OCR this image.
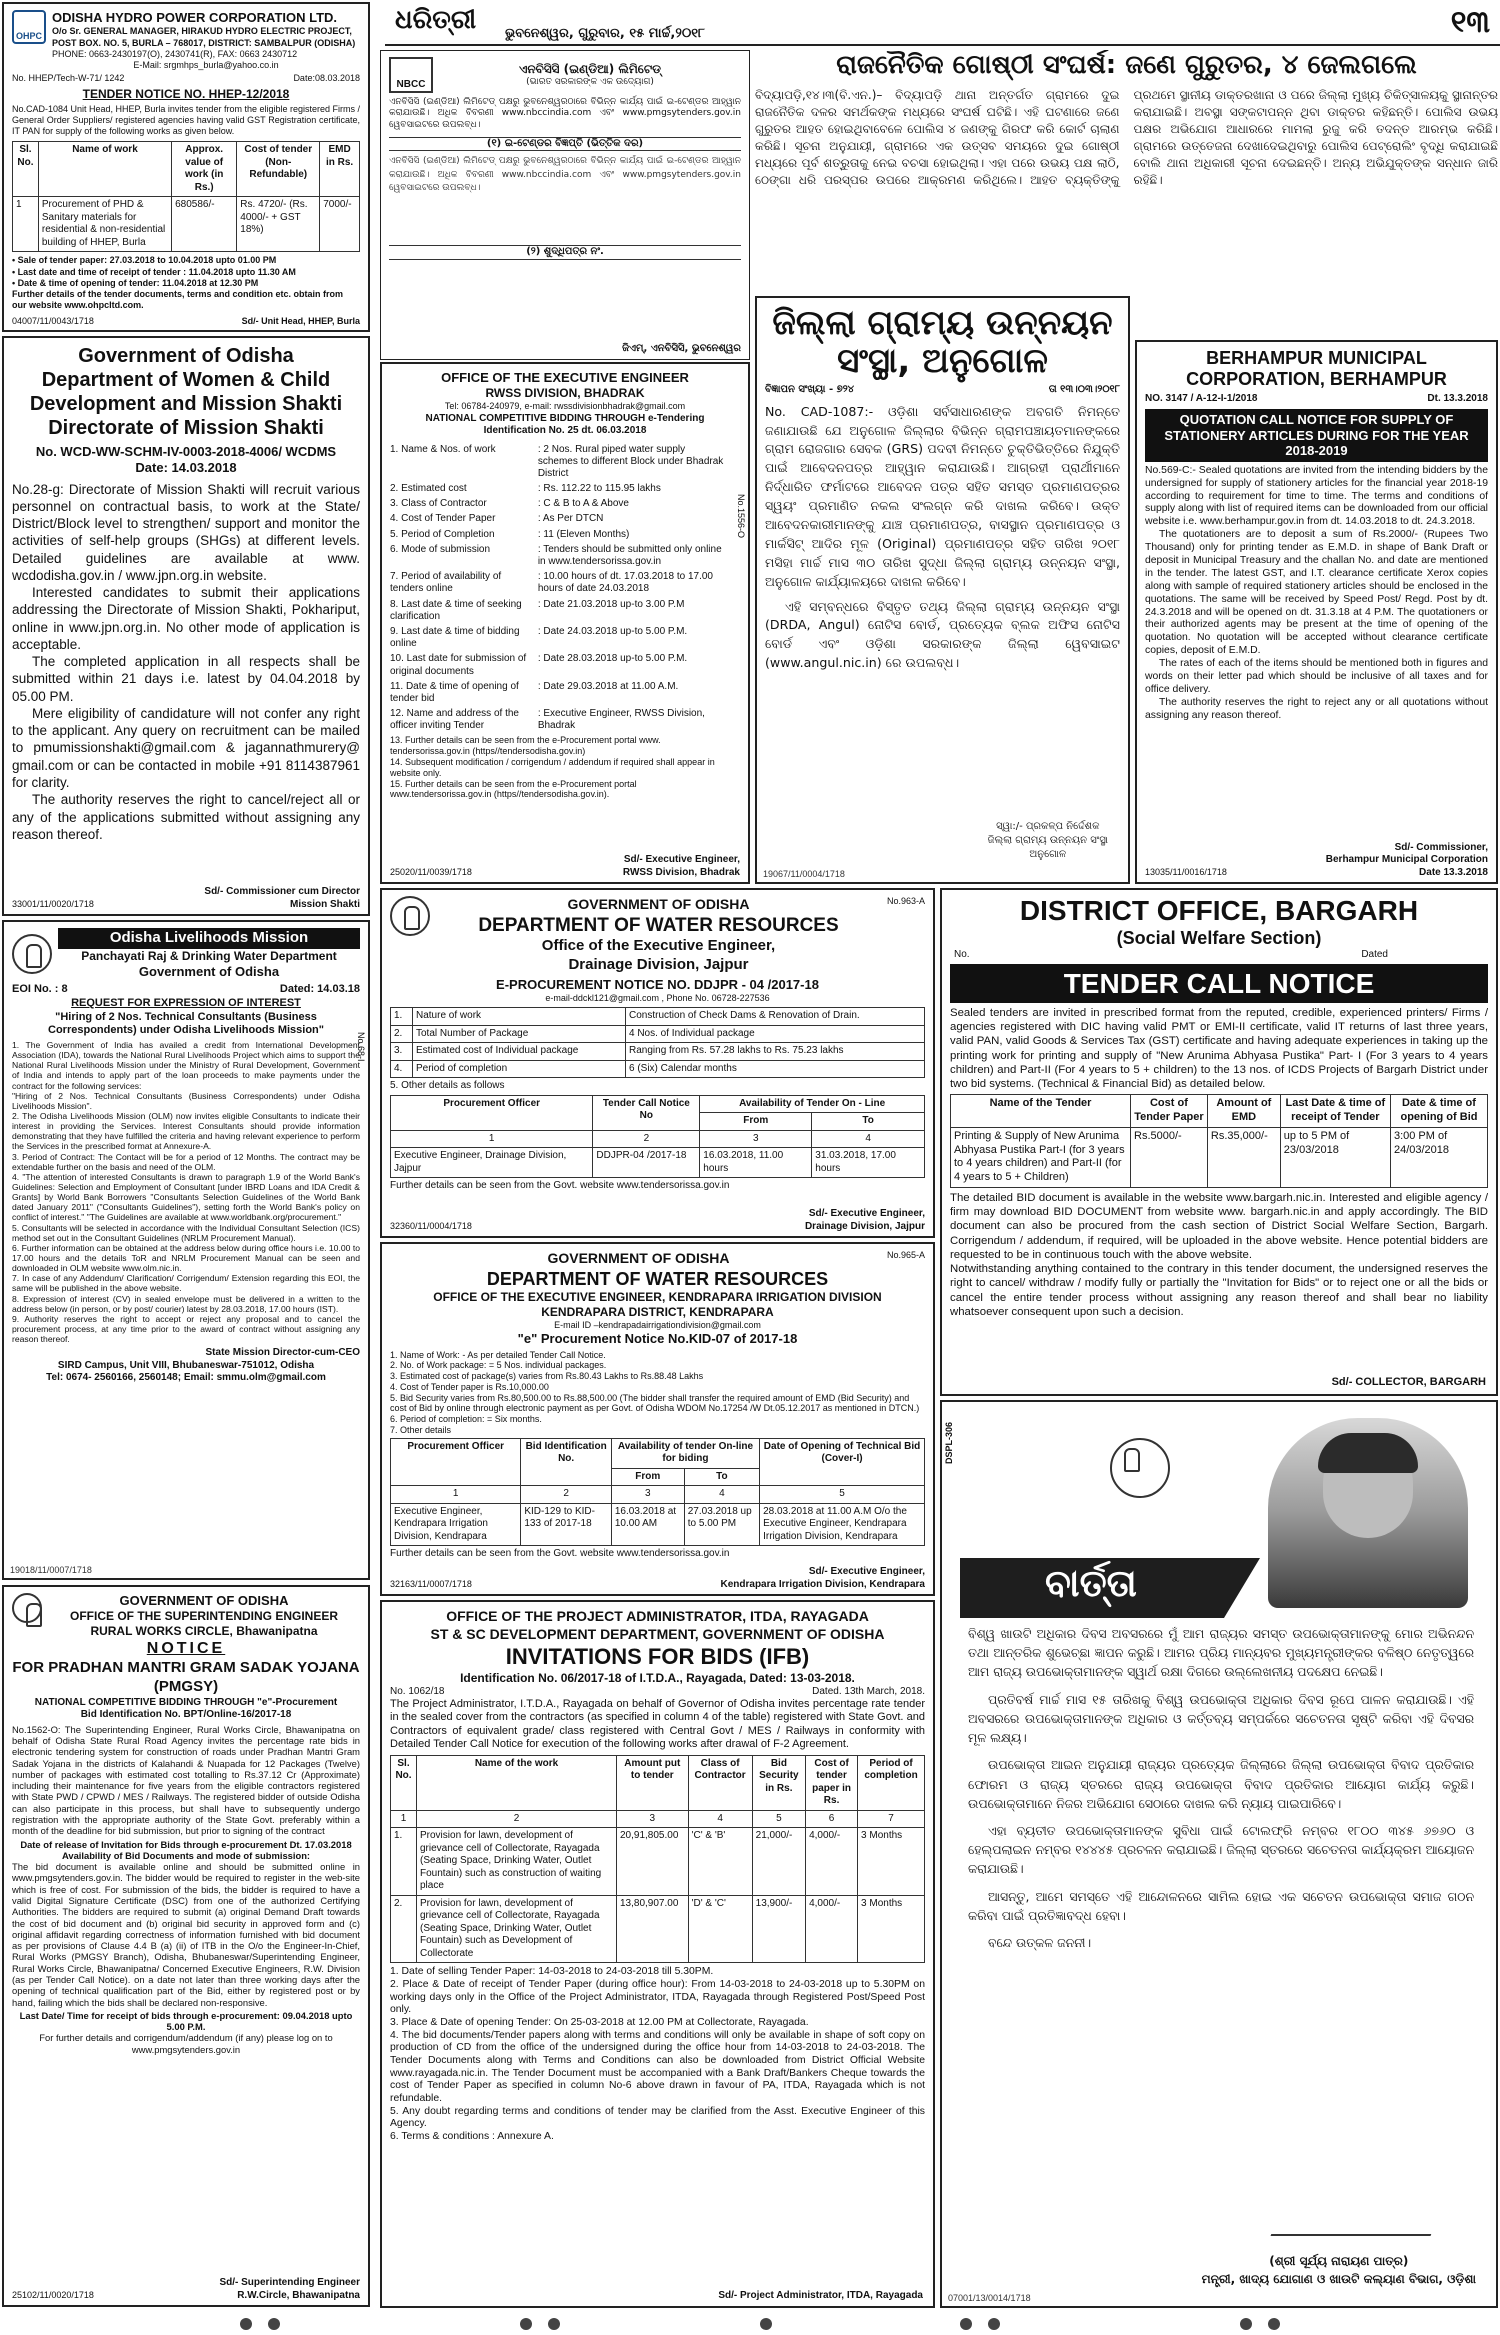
ଧରିତ୍ରୀ ଭୁବନେଶ୍ୱର, ଗୁରୁବାର, ୧୫ ମାର୍ଚ୍ଚ,୨୦୧୮	୧୩
OHPC
ODISHA HYDRO POWER CORPORATION LTD.
O/o Sr. GENERAL MANAGER, HIRAKUD HYDRO ELECTRIC PROJECT, POST BOX. NO. 5, BURLA – 768017, DISTRICT: SAMBALPUR (ODISHA)
PHONE: 0663-2430197(O), 2430741(R), FAX: 0663 2430712
E-Mail: srgmhps_burla@yahoo.co.in
No. HHEP/Tech-W-71/ 1242	Date:08.03.2018
TENDER NOTICE NO. HHEP-12/2018
No.CAD-1084 Unit Head, HHEP, Burla invites tender from the eligible registered Firms / General Order Suppliers/ registered agencies having valid GST Registration certificate, IT PAN for supply of the following works as given below.
Sl. No.	Name of work	Approx. value of work (in Rs.)	Cost of tender (Non-Refundable)	EMD in Rs.
1	Procurement of PHD & Sanitary materials for residential & non-residential building of HHEP, Burla	680586/-	Rs. 4720/- (Rs. 4000/- + GST 18%)	7000/-
• Sale of tender paper: 27.03.2018 to 10.04.2018 upto 01.00 PM
• Last date and time of receipt of tender : 11.04.2018 upto 11.30 AM
• Date & time of opening of tender: 11.04.2018 at 12.30 PM
Further details of the tender documents, terms and condition etc. obtain from our website www.ohpcltd.com.
04007/11/0043/1718	Sd/- Unit Head, HHEP, Burla
Government of Odisha
Department of Women & Child
Development and Mission Shakti
Directorate of Mission Shakti
No. WCD-WW-SCHM-IV-0003-2018-4006/ WCDMS
Date: 14.03.2018

No.28-g: Directorate of Mission Shakti will recruit various personnel on contractual basis, to work at the State/ District/Block level to strengthen/ support and monitor the activities of self-help groups (SHGs) at different levels. Detailed guidelines are available at www. wcdodisha.gov.in / www.jpn.org.in website.

Interested candidates to submit their applications addressing the Directorate of Mission Shakti, Pokhariput, online in www.jpn.org.in. No other mode of application is acceptable.

The completed application in all respects shall be submitted within 21 days i.e. latest by 04.04.2018 by 05.00 PM.

Mere eligibility of candidature will not confer any right to the applicant. Any query on recruitment can be mailed to pmumissionshakti@gmail.com & jagannathmurery@ gmail.com or can be contacted in mobile +91 8114387961 for clarity.

The authority reserves the right to cancel/reject all or any of the applications submitted without assigning any reason thereof.

Sd/- Commissioner cum Director
33001/11/0020/1718	Mission Shakti
Odisha Livelihoods Mission
Panchayati Raj & Drinking Water Department
Government of Odisha
EOI No. : 8	Dated: 14.03.18
REQUEST FOR EXPRESSION OF INTEREST
"Hiring of 2 Nos. Technical Consultants (Business Correspondents) under Odisha Livelihoods Mission"
1. The Government of India has availed a credit from International Development Association (IDA), towards the National Rural Livelihoods Project which aims to support the National Rural Livelihoods Mission under the Ministry of Rural Development, Government of India and intends to apply part of the loan proceeds to make payments under the contract for the following services:
"Hiring of 2 Nos. Technical Consultants (Business Correspondents) under Odisha Livelihoods Mission".
2. The Odisha Livelihoods Mission (OLM) now invites eligible Consultants to indicate their interest in providing the Services. Interest Consultants should provide information demonstrating that they have fulfilled the criteria and having relevant experience to perform the Services in the prescribed format at Annexure-A.
3. Period of Contract: The Contact will be for a period of 12 Months. The contract may be extendable further on the basis and need of the OLM.
4. "The attention of interested Consultants is drawn to paragraph 1.9 of the World Bank's Guidelines: Selection and Employment of Consultant [under IBRD Loans and IDA Credit & Grants] by World Bank Borrowers "Consultants Selection Guidelines of the World Bank dated January 2011" ("Consultants Guidelines"), setting forth the World Bank's policy on conflict of interest." "The Guidelines are available at www.worldbank.org/procurement."
5. Consultants will be selected in accordance with the Individual Consultant Selection (ICS) method set out in the Consultant Guidelines (NRLM Procurement Manual).
6. Further information can be obtained at the address below during office hours i.e. 10.00 to 17.00 hours and the details ToR and NRLM Procurement Manual can be seen and downloaded in OLM website www.olm.nic.in.
7. In case of any Addendum/ Clarification/ Corrigendum/ Extension regarding this EOI, the same will be published in the above website.
8. Expression of interest (CV) in sealed envelope must be delivered in a written to the address below (in person, or by post/ courier) latest by 28.03.2018, 17.00 hours (IST).
9. Authority reserves the right to accept or reject any proposal and to cancel the procurement process, at any time prior to the award of contract without assigning any reason thereof.
State Mission Director-cum-CEO
SIRD Campus, Unit VIII, Bhubaneswar-751012, Odisha
Tel: 0674- 2560166, 2560148; Email: smmu.olm@gmail.com
19018/11/0007/1718
No.68-I
GOVERNMENT OF ODISHA
OFFICE OF THE SUPERINTENDING ENGINEER
RURAL WORKS CIRCLE, Bhawanipatna
NOTICE
FOR PRADHAN MANTRI GRAM SADAK YOJANA (PMGSY)
NATIONAL COMPETITIVE BIDDING THROUGH "e"-Procurement
Bid Identification No. BPT/Online-16/2017-18

No.1562-O: The Superintending Engineer, Rural Works Circle, Bhawanipatna on behalf of Odisha State Rural Road Agency invites the percentage rate bids in electronic tendering system for construction of roads under Pradhan Mantri Gram Sadak Yojana in the districts of Kalahandi & Nuapada for 12 Packages (Twelve) number of packages with estimated cost totalling to Rs.37.12 Cr (Approximate) including their maintenance for five years from the eligible contractors registered with State PWD / CPWD / MES / Railways. The registered bidder of outside Odisha can also participate in this process, but shall have to subsequently undergo registration with the appropriate authority of the State Govt. preferably within a month of the deadline for bid submission, but prior to signing of the contract

Date of release of Invitation for Bids through e-procurement Dt. 17.03.2018

Availability of Bid Documents and mode of submission:

The bid document is available online and should be submitted online in www.pmgsytenders.gov.in. The bidder would be required to register in the web-site which is free of cost. For submission of the bids, the bidder is required to have a valid Digital Signature Certificate (DSC) from one of the authorized Certifying Authorities. The bidders are required to submit (a) original Demand Draft towards the cost of bid document and (b) original bid security in approved form and (c) original affidavit regarding correctness of information furnished with bid document as per provisions of Clause 4.4 B (a) (ii) of ITB in the O/o the Engineer-In-Chief, Rural Works (PMGSY Branch), Odisha, Bhubaneswar/Superintending Engineer, Rural Works Circle, Bhawanipatna/ Concerned Executive Engineers, R.W. Division (as per Tender Call Notice). on a date not later than three working days after the opening of technical qualification part of the Bid, either by registered post or by hand, failing which the bids shall be declared non-responsive.

Last Date/ Time for receipt of bids through e-procurement: 09.04.2018 upto 5.00 P.M.

For further details and corrigendum/addendum (if any) please log on to www.pmgsytenders.gov.in

Sd/- Superintending Engineer
25102/11/0020/1718	R.W.Circle, Bhawanipatna
NBCC
ଏନବିସିସି (ଇଣ୍ଡିଆ) ଲିମିଟେଡ୍
(ଭାରତ ସରକାରଙ୍କ ଏକ ଉଦ୍ୟୋଗ)
ଏନବିସିସି (ଇଣ୍ଡିଆ) ଲିମିଟେଡ୍ ପକ୍ଷରୁ ଭୁବନେଶ୍ୱରଠାରେ ବିଭିନ୍ନ କାର୍ଯ୍ୟ ପାଇଁ ଇ-ଟେଣ୍ଡର ଆହ୍ୱାନ କରାଯାଉଛି। ଅଧିକ ବିବରଣୀ www.nbccindia.com ଏବଂ www.pmgsytenders.gov.in ୱେବସାଇଟରେ ଉପଲବ୍ଧ।
(୧) ଇ-ଟେଣ୍ଡର ବିଜ୍ଞପ୍ତି (ଭିତ୍ତିକ ଦର)
ଏନବିସିସି (ଇଣ୍ଡିଆ) ଲିମିଟେଡ୍ ପକ୍ଷରୁ ଭୁବନେଶ୍ୱରଠାରେ ବିଭିନ୍ନ କାର୍ଯ୍ୟ ପାଇଁ ଇ-ଟେଣ୍ଡର ଆହ୍ୱାନ କରାଯାଉଛି। ଅଧିକ ବିବରଣୀ www.nbccindia.com ଏବଂ www.pmgsytenders.gov.in ୱେବସାଇଟରେ ଉପଲବ୍ଧ।
(୨) ଶୁଦ୍ଧିପତ୍ର ନଂ.
ଜିଏମ୍, ଏନବିସିସି, ଭୁବନେଶ୍ୱର
OFFICE OF THE EXECUTIVE ENGINEER
RWSS DIVISION, BHADRAK
Tel: 06784-240979, e-mail: rwssdivisionbhadrak@gmail.com
NATIONAL COMPETITIVE BIDDING THROUGH e-Tendering
Identification No. 25 dt. 06.03.2018
1. Name & Nos. of work	: 2 Nos. Rural piped water supply schemes to different Block under Bhadrak District
2. Estimated cost	: Rs. 112.22 to 115.95 lakhs
3. Class of Contractor	: C & B to A & Above
4. Cost of Tender Paper	: As Per DTCN
5. Period of Completion	: 11 (Eleven Months)
6. Mode of submission	: Tenders should be submitted only online in www.tendersorissa.gov.in
7. Period of availability of tenders online
: 10.00 hours of dt. 17.03.2018 to 17.00 hours of date 24.03.2018
8. Last date & time of seeking clarification
: Date 21.03.2018 up-to 3.00 P.M
9. Last date & time of bidding online
: Date 24.03.2018 up-to 5.00 P.M.
10. Last date for submission of original documents
: Date 28.03.2018 up-to 5.00 P.M.
11. Date & time of opening of tender bid
: Date 29.03.2018 at 11.00 A.M.
12. Name and address of the officer inviting Tender
: Executive Engineer, RWSS Division, Bhadrak
13. Further details can be seen from the e-Procurement portal www. tendersorissa.gov.in (https//tendersodisha.gov.in)
14. Subsequent modification / corrigendum / addendum if required shall appear in website only.
15. Further details can be seen from the e-Procurement portal www.tendersorissa.gov.in (https//tendersodisha.gov.in).
No.1556-O
Sd/- Executive Engineer,
25020/11/0039/1718	RWSS Division, Bhadrak
ରାଜନୈତିକ ଗୋଷ୍ଠୀ ସଂଘର୍ଷ: ଜଣେ ଗୁରୁତର, ୪ ଜେଲଗଲେ
ବିଦ୍ୟାପଡ଼ି,୧୪।୩(ବି.ଏନ.)– ବିଦ୍ୟାପଡ଼ି ଥାନା ଅନ୍ତର୍ଗତ ଗ୍ରାମରେ ଦୁଇ ରାଜନୈତିକ ଦଳର ସମର୍ଥକଙ୍କ ମଧ୍ୟରେ ସଂଘର୍ଷ ଘଟିଛି। ଏହି ଘଟଣାରେ ଜଣେ ଗୁରୁତର ଆହତ ହୋଇଥିବାବେଳେ ପୋଲିସ ୪ ଜଣଙ୍କୁ ଗିରଫ କରି କୋର୍ଟ ଚାଲାଣ କରିଛି। ସୂଚନା ଅନୁଯାୟୀ, ଗ୍ରାମରେ ଏକ ଉତ୍ସବ ସମୟରେ ଦୁଇ ଗୋଷ୍ଠୀ ମଧ୍ୟରେ ପୂର୍ବ ଶତ୍ରୁତାକୁ ନେଇ ବଚସା ହୋଇଥିଲା। ଏହା ପରେ ଉଭୟ ପକ୍ଷ ଲାଠି, ଠେଙ୍ଗା ଧରି ପରସ୍ପର ଉପରେ ଆକ୍ରମଣ କରିଥିଲେ। ଆହତ ବ୍ୟକ୍ତିଙ୍କୁ ପ୍ରଥମେ ସ୍ଥାନୀୟ ଡାକ୍ତରଖାନା ଓ ପରେ ଜିଲ୍ଲା ମୁଖ୍ୟ ଚିକିତ୍ସାଳୟକୁ ସ୍ଥାନାନ୍ତର କରାଯାଇଛି। ଅବସ୍ଥା ସଙ୍କଟାପନ୍ନ ଥିବା ଡାକ୍ତର କହିଛନ୍ତି। ପୋଲିସ ଉଭୟ ପକ୍ଷର ଅଭିଯୋଗ ଆଧାରରେ ମାମଲା ରୁଜୁ କରି ତଦନ୍ତ ଆରମ୍ଭ କରିଛି। ଗ୍ରାମରେ ଉତ୍ତେଜନା ଦେଖାଦେଇଥିବାରୁ ପୋଲିସ ପେଟ୍ରୋଲିଂ ବୃଦ୍ଧି କରାଯାଇଛି ବୋଲି ଥାନା ଅଧିକାରୀ ସୂଚନା ଦେଇଛନ୍ତି। ଅନ୍ୟ ଅଭିଯୁକ୍ତଙ୍କ ସନ୍ଧାନ ଜାରି ରହିଛି।
ଜିଲ୍ଲା ଗ୍ରାମ୍ୟ ଉନ୍ନୟନ
ସଂସ୍ଥା, ଅନୁଗୋଳ
ବିଜ୍ଞାପନ ସଂଖ୍ୟା - ୭୨୪	ତା ୧୩।୦୩।୨୦୧୮

No. CAD-1087:- ଓଡ଼ିଶା ସର୍ବସାଧାରଣଙ୍କ ଅବଗତି ନିମନ୍ତେ ଜଣାଯାଉଛି ଯେ ଅନୁଗୋଳ ଜିଲ୍ଲାର ବିଭିନ୍ନ ଗ୍ରାମପଞ୍ଚାୟତମାନଙ୍କରେ ଗ୍ରାମ ରୋଜଗାର ସେବକ (GRS) ପଦବୀ ନିମନ୍ତେ ଚୁକ୍ତିଭିତ୍ତିରେ ନିଯୁକ୍ତି ପାଇଁ ଆବେଦନପତ୍ର ଆହ୍ୱାନ କରାଯାଉଛି। ଆଗ୍ରହୀ ପ୍ରାର୍ଥୀମାନେ ନିର୍ଦ୍ଧାରିତ ଫର୍ମାଟରେ ଆବେଦନ ପତ୍ର ସହିତ ସମସ୍ତ ପ୍ରମାଣପତ୍ରର ସ୍ୱୟଂ ପ୍ରମାଣିତ ନକଲ ସଂଲଗ୍ନ କରି ଦାଖଲ କରିବେ। ଉକ୍ତ ଆବେଦନକାରୀମାନଙ୍କୁ ଯାଞ୍ଚ ପ୍ରମାଣପତ୍ର, ବାସସ୍ଥାନ ପ୍ରମାଣପତ୍ର ଓ ମାର୍କସିଟ୍ ଆଦିର ମୂଳ (Original) ପ୍ରମାଣପତ୍ର ସହିତ ତାରିଖ ୨୦୧୮ ମସିହା ମାର୍ଚ୍ଚ ମାସ ୩୦ ତାରିଖ ସୁଦ୍ଧା ଜିଲ୍ଲା ଗ୍ରାମ୍ୟ ଉନ୍ନୟନ ସଂସ୍ଥା, ଅନୁଗୋଳ କାର୍ଯ୍ୟାଳୟରେ ଦାଖଲ କରିବେ।

ଏହି ସମ୍ବନ୍ଧରେ ବିସ୍ତୃତ ତଥ୍ୟ ଜିଲ୍ଲା ଗ୍ରାମ୍ୟ ଉନ୍ନୟନ ସଂସ୍ଥା (DRDA, Angul) ନୋଟିସ ବୋର୍ଡ, ପ୍ରତ୍ୟେକ ବ୍ଲକ ଅଫିସ ନୋଟିସ ବୋର୍ଡ ଏବଂ ଓଡ଼ିଶା ସରକାରଙ୍କ ଜିଲ୍ଲା ୱେବସାଇଟ (www.angul.nic.in) ରେ ଉପଲବ୍ଧ।

ସ୍ୱା:/- ପ୍ରକଳ୍ପ ନିର୍ଦ୍ଦେଶକ
ଜିଲ୍ଲା ଗ୍ରାମ୍ୟ ଉନ୍ନୟନ ସଂସ୍ଥା
ଅନୁଗୋଳ
19067/11/0004/1718
BERHAMPUR MUNICIPAL CORPORATION, BERHAMPUR
NO. 3147 / A-12-I-1/2018	Dt. 13.3.2018
QUOTATION CALL NOTICE FOR SUPPLY OF STATIONERY ARTICLES DURING FOR THE YEAR 2018-2019

No.569-C:- Sealed quotations are invited from the intending bidders by the undersigned for supply of stationery articles for the financial year 2018-19 according to requirement for time to time. The terms and conditions of supply along with list of required items can be downloaded from our official website i.e. www.berhampur.gov.in from dt. 14.03.2018 to dt. 24.3.2018.

The quotationers are to deposit a sum of Rs.2000/- (Rupees Two Thousand) only for printing tender as E.M.D. in shape of Bank Draft or deposit in Municipal Treasury and the challan No. and date are mentioned in the tender. The latest GST, and I.T. clearance certificate Xerox copies along with sample of required stationery articles should be enclosed in the quotations. The same will be received by Speed Post/ Regd. Post by dt. 24.3.2018 and will be opened on dt. 31.3.18 at 4 P.M. The quotationers or their authorized agents may be present at the time of opening of the quotation. No quotation will be accepted without clearance certificate copies, deposit of E.M.D.

The rates of each of the items should be mentioned both in figures and words on their letter pad which should be inclusive of all taxes and for office delivery.

The authority reserves the right to reject any or all quotations without assigning any reason thereof.

Sd/- Commissioner,
Berhampur Municipal Corporation
13035/11/0016/1718	Date 13.3.2018
GOVERNMENT OF ODISHA
DEPARTMENT OF WATER RESOURCES
Office of the Executive Engineer,
Drainage Division, Jajpur
No.963-A
E-PROCUREMENT NOTICE NO. DDJPR - 04 /2017-18
e-mail-ddckl121@gmail.com , Phone No. 06728-227536
1.	Nature of work	Construction of Check Dams & Renovation of Drain.
2.	Total Number of Package	4 Nos. of Individual package
3.	Estimated cost of Individual package	Ranging from Rs. 57.28 lakhs to Rs. 75.23 lakhs
4.	Period of completion	6 (Six) Calendar months
5. Other details as follows
Procurement Officer	Tender Call Notice No	Availability of Tender On - Line	
		From	To
1	2	3	4
Executive Engineer, Drainage Division, Jajpur	DDJPR-04 /2017-18	16.03.2018, 11.00 hours	31.03.2018, 17.00 hours
Further details can be seen from the Govt. website www.tendersorissa.gov.in
Sd/- Executive Engineer,
32360/11/0004/1718	Drainage Division, Jajpur
GOVERNMENT OF ODISHA	No.965-A
DEPARTMENT OF WATER RESOURCES
OFFICE OF THE EXECUTIVE ENGINEER, KENDRAPARA IRRIGATION DIVISION
KENDRAPARA DISTRICT, KENDRAPARA
E-mail ID –kendrapadairrigationdivision@gmail.com
"e" Procurement Notice No.KID-07 of 2017-18
1. Name of Work: - As per detailed Tender Call Notice.
2. No. of Work package: = 5 Nos. individual packages.
3. Estimated cost of package(s) varies from Rs.80.43 Lakhs to Rs.88.48 Lakhs
4. Cost of Tender paper is Rs.10,000.00
5. Bid Security varies from Rs.80,500.00 to Rs.88,500.00 (The bidder shall transfer the required amount of EMD (Bid Security) and cost of Bid by online through electronic payment as per Govt. of Odisha WDOM No.17254 /W Dt.05.12.2017 as mentioned in DTCN.)
6. Period of completion: = Six months.
7. Other details
Procurement Officer	Bid Identification No.	Availability of tender On-line for biding		Date of Opening of Technical Bid (Cover-I)
		From	To	
1	2	3	4	5
Executive Engineer, Kendrapara Irrigation Division, Kendrapara	KID-129 to KID-133 of 2017-18	16.03.2018 at 10.00 AM	27.03.2018 up to 5.00 PM	28.03.2018 at 11.00 A.M O/o the Executive Engineer, Kendrapara Irrigation Division, Kendrapara
Further details can be seen from the Govt. website www.tendersorissa.gov.in
Sd/- Executive Engineer,
32163/11/0007/1718	Kendrapara Irrigation Division, Kendrapara
OFFICE OF THE PROJECT ADMINISTRATOR, ITDA, RAYAGADA
ST & SC DEVELOPMENT DEPARTMENT, GOVERNMENT OF ODISHA
INVITATIONS FOR BIDS (IFB)
Identification No. 06/2017-18 of I.T.D.A., Rayagada, Dated: 13-03-2018.
No. 1062/18	Dated. 13th March, 2018.
The Project Administrator, I.T.D.A., Rayagada on behalf of Governor of Odisha invites percentage rate tender in the sealed cover from the contractors (as specified in column 4 of the table) registered with State Govt. and Contractors of equivalent grade/ class registered with Central Govt / MES / Railways in conformity with Detailed Tender Call Notice for execution of the following works after drawal of F-2 Agreement.
Sl. No.	Name of the work	Amount put to tender	Class of Contractor	Bid Security in Rs.	Cost of tender paper in Rs.	Period of completion
1	2	3	4	5	6	7
1.	Provision for lawn, development of grievance cell of Collectorate, Rayagada (Seating Space, Drinking Water, Outlet Fountain) such as construction of waiting place	20,91,805.00	'C' & 'B'	21,000/-	4,000/-	3 Months
2.	Provision for lawn, development of grievance cell of Collectorate, Rayagada (Seating Space, Drinking Water, Outlet Fountain) such as Development of Collectorate	13,80,907.00	'D' & 'C'	13,900/-	4,000/-	3 Months
1. Date of selling Tender Paper: 14-03-2018 to 24-03-2018 till 5.30PM.
2. Place & Date of receipt of Tender Paper (during office hour): From 14-03-2018 to 24-03-2018 up to 5.30PM on working days only in the Office of the Project Administrator, ITDA, Rayagada through Registered Post/Speed Post only.
3. Place & Date of opening Tender: On 25-03-2018 at 12.00 PM at Collectorate, Rayagada.
4. The bid documents/Tender papers along with terms and conditions will only be available in shape of soft copy on production of CD from the office of the undersigned during the office hour from 14-03-2018 to 24-03-2018. The Tender Documents along with Terms and Conditions can also be downloaded from District Official Website www.rayagada.nic.in. The Tender Document must be accompanied with a Bank Draft/Bankers Cheque towards the cost of Tender Paper as specified in column No-6 above drawn in favour of PA, ITDA, Rayagada which is not refundable.
5. Any doubt regarding terms and conditions of tender may be clarified from the Asst. Executive Engineer of this Agency.
6. Terms & conditions : Annexure A.
Sd/- Project Administrator, ITDA, Rayagada
DISTRICT OFFICE, BARGARH
(Social Welfare Section)
No.	Dated
TENDER CALL NOTICE
Sealed tenders are invited in prescribed format from the reputed, credible, experienced printers/ Firms / agencies registered with DIC having valid PMT or EMI-II certificate, valid IT returns of last three years, valid PAN, valid Goods & Services Tax (GST) certificate and having adequate experiences in taking up the printing work for printing and supply of "New Arunima Abhyasa Pustika" Part- I (For 3 years to 4 years children) and Part-II (For 4 years to 5 + children) to the 13 nos. of ICDS Projects of Bargarh District under two bid systems. (Technical & Financial Bid) as detailed below.
Name of the Tender	Cost of Tender Paper	Amount of EMD	Last Date & time of receipt of Tender	Date & time of opening of Bid
Printing & Supply of New Arunima Abhyasa Pustika Part-I (for 3 years to 4 years children) and Part-II (for 4 years to 5 + Children)	Rs.5000/-	Rs.35,000/-	up to 5 PM of 23/03/2018	3:00 PM of 24/03/2018

The detailed BID document is available in the website www.bargarh.nic.in. Interested and eligible agency / firm may download BID DOCUMENT from website www. bargarh.nic.in and apply accordingly. The BID document can also be procured from the cash section of District Social Welfare Section, Bargarh. Corrigendum / addendum, if required, will be uploaded in the above website. Hence potential bidders are requested to be in continuous touch with the above website.

Notwithstanding anything contained to the contrary in this tender document, the undersigned reserves the right to cancel/ withdraw / modify fully or partially the "Invitation for Bids" or to reject one or all the bids or cancel the entire tender process without assigning any reason thereof and shall bear no liability whatsoever consequent upon such a decision.

Sd/- COLLECTOR, BARGARH
DSPL-306
ବାର୍ତ୍ତା

ବିଶ୍ୱ ଖାଉଟି ଅଧିକାର ଦିବସ ଅବସରରେ ମୁଁ ଆମ ରାଜ୍ୟର ସମସ୍ତ ଉପଭୋକ୍ତାମାନଙ୍କୁ ମୋର ଅଭିନନ୍ଦନ ତଥା ଆନ୍ତରିକ ଶୁଭେଚ୍ଛା ଜ୍ଞାପନ କରୁଛି। ଆମର ପ୍ରିୟ ମାନ୍ୟବର ମୁଖ୍ୟମନ୍ତ୍ରୀଙ୍କର ବଳିଷ୍ଠ ନେତୃତ୍ୱରେ ଆମ ରାଜ୍ୟ ଉପଭୋକ୍ତାମାନଙ୍କ ସ୍ୱାର୍ଥ ରକ୍ଷା ଦିଗରେ ଉଲ୍ଲେଖନୀୟ ପଦକ୍ଷେପ ନେଇଛି।

ପ୍ରତିବର୍ଷ ମାର୍ଚ୍ଚ ମାସ ୧୫ ତାରିଖକୁ ବିଶ୍ୱ ଉପଭୋକ୍ତା ଅଧିକାର ଦିବସ ରୂପେ ପାଳନ କରାଯାଉଛି। ଏହି ଅବସରରେ ଉପଭୋକ୍ତାମାନଙ୍କ ଅଧିକାର ଓ କର୍ତ୍ତବ୍ୟ ସମ୍ପର୍କରେ ସଚେତନତା ସୃଷ୍ଟି କରିବା ଏହି ଦିବସର ମୂଳ ଲକ୍ଷ୍ୟ।

ଉପଭୋକ୍ତା ଆଇନ ଅନୁଯାୟୀ ରାଜ୍ୟର ପ୍ରତ୍ୟେକ ଜିଲ୍ଲାରେ ଜିଲ୍ଲା ଉପଭୋକ୍ତା ବିବାଦ ପ୍ରତିକାର ଫୋରମ ଓ ରାଜ୍ୟ ସ୍ତରରେ ରାଜ୍ୟ ଉପଭୋକ୍ତା ବିବାଦ ପ୍ରତିକାର ଆୟୋଗ କାର୍ଯ୍ୟ କରୁଛି। ଉପଭୋକ୍ତାମାନେ ନିଜର ଅଭିଯୋଗ ସେଠାରେ ଦାଖଲ କରି ନ୍ୟାୟ ପାଇପାରିବେ।

ଏହା ବ୍ୟତୀତ ଉପଭୋକ୍ତାମାନଙ୍କ ସୁବିଧା ପାଇଁ ଟୋଲଫ୍ରି ନମ୍ବର ୧୮୦୦ ୩୪୫ ୬୭୬୦ ଓ ହେଲ୍ପଲାଇନ ନମ୍ବର ୧୪୪୪୫ ପ୍ରଚଳନ କରାଯାଇଛି। ଜିଲ୍ଲା ସ୍ତରରେ ସଚେତନତା କାର୍ଯ୍ୟକ୍ରମ ଆୟୋଜନ କରାଯାଉଛି।

ଆସନ୍ତୁ, ଆମେ ସମସ୍ତେ ଏହି ଆନ୍ଦୋଳନରେ ସାମିଲ ହୋଇ ଏକ ସଚେତନ ଉପଭୋକ୍ତା ସମାଜ ଗଠନ କରିବା ପାଇଁ ପ୍ରତିଜ୍ଞାବଦ୍ଧ ହେବା।

ବନ୍ଦେ ଉତ୍କଳ ଜନନୀ।

(ଶ୍ରୀ ସୂର୍ଯ୍ୟ ନାରାୟଣ ପାତ୍ର)
ମନ୍ତ୍ରୀ, ଖାଦ୍ୟ ଯୋଗାଣ ଓ ଖାଉଟି କଲ୍ୟାଣ ବିଭାଗ, ଓଡ଼ିଶା
07001/13/0014/1718
